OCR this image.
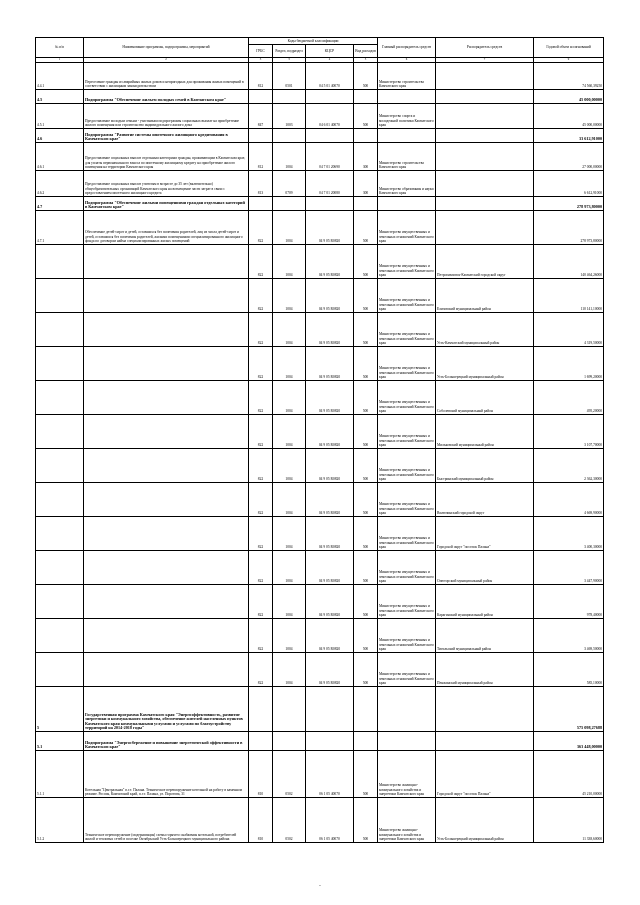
№ п/п	Наименование программы, подпрограммы, мероприятий	Коды бюджетной классификации				Главный распорядитель средств	Распорядитель средств	Годовой объем ассигнований
		ГРБС	Раздел, подраздел	КЦСР	Вид расходов			
1	2	3	3	4	5	6	7	9
4.4.1	Переселение граждан из аварийных жилых домов и непригодных для проживания жилых помещений в соответствии с жилищным законодательством	812	0501	04 5 01 40070	500	Министерство строительства Камчатского края		74 560,39250
4.5	Подпрограмма "Обеспечение жильем молодых семей в Камчатском крае"							45 000,00000
4.5.1	Предоставление молодым семьям - участникам подпрограммы социальных выплат на приобретение жилого помещения или строительство индивидуального жилого дома	847	1003	04 6 01 40070	500	Министерство спорта и молодежной политики Камчатского края		45 000,00000
4.6	Подпрограмма "Развитие системы ипотечного жилищного кредитования в Камчатском крае"							33 612,91000
4.6.1	Предоставление социальных выплат отдельным категориям граждан, проживающим в Камчатском крае, для уплаты первоначального взноса по ипотечному жилищному кредиту на приобретение жилого помещения на территории Камчатского края	812	1004	04 7 01 20690	300	Министерство строительства Камчатского края		27 000,00000
4.6.2	Предоставление социальных выплат учителям в возрасте до 35 лет (включительно) общеобразовательных организаций Камчатского края на возмещение части затрат в связи с предоставлением ипотечного жилищного кредита	813	0709	04 7 01 20080	300	Министерство образования и науки Камчатского края		6 612,91000
4.7	Подпрограмма "Обеспечение жилыми помещениями граждан отдельных категорий в Камчатском крае"							278 973,80000
4.7.1	Обеспечение детей-сирот и детей, оставшихся без попечения родителей, лиц из числа детей-сирот и детей, оставшихся без попечения родителей, жилыми помещениями специализированного жилищного фонда по договорам найма специализированных жилых помещений	822	1004	04 9 05 R0820	500	Министерство имущественных и земельных отношений Камчатского края		278 973,80000
		822	1004	04 9 05 R0820	500	Министерство имущественных и земельных отношений Камчатского края	Петропавловск-Камчатский городской округ	140 464,26000
		822	1004	04 9 05 R0820	500	Министерство имущественных и земельных отношений Камчатского края	Елизовский муниципальный район	110 141,10000
		822	1004	04 9 05 R0820	500	Министерство имущественных и земельных отношений Камчатского края	Усть-Камчатский муниципальный район	4 319,50000
		822	1004	04 9 05 R0820	500	Министерство имущественных и земельных отношений Камчатского края	Усть-Большерецкий муниципальный район	1 699,20000
		822	1004	04 9 05 R0820	500	Министерство имущественных и земельных отношений Камчатского края	Соболевский муниципальный район	495,20000
		822	1004	04 9 05 R0820	500	Министерство имущественных и земельных отношений Камчатского края	Мильковский муниципальный район	3 107,70000
		822	1004	04 9 05 R0820	500	Министерство имущественных и земельных отношений Камчатского края	Быстринский муниципальный район	2 362,30000
		822	1004	04 9 05 R0820	500	Министерство имущественных и земельных отношений Камчатского края	Вилючинский городской округ	4 669,90000
		822	1004	04 9 05 R0820	500	Министерство имущественных и земельных отношений Камчатского края	Городской округ "поселок Палана"	3 400,30000
		822	1004	04 9 05 R0820	500	Министерство имущественных и земельных отношений Камчатского края	Олюторский муниципальный район	3 447,90000
		822	1004	04 9 05 R0820	500	Министерство имущественных и земельных отношений Камчатского края	Карагинский муниципальный район	978,40000
		822	1004	04 9 05 R0820	500	Министерство имущественных и земельных отношений Камчатского края	Тигильский муниципальный район	3 469,50000
		822	1004	04 9 05 R0820	500	Министерство имущественных и земельных отношений Камчатского края	Пенжинский муниципальный район	585,10000
5	Государственная программа Камчатского края "Энергоэффективность, развитие энергетики и коммунального хозяйства, обеспечение жителей населенных пунктов Камчатского края коммунальными услугами и услугами по благоустройству территорий на 2014-2018 годы"							575 098,27688
5.1	Подпрограмма "Энергосбережение и повышение энергетической эффективности в Камчатском крае"							363 448,00000
5.1.1	Котельная "Центральная" п.г.т. Палана. Техническое перевооружение котельной на работу в каменном режиме. Россия, Камчатский край, п.г.т. Палана, ул. Поротова, 31	810	0502	06 1 05 40070	500	Министерство жилищно-коммунального хозяйства и энергетики Камчатского края	Городской округ "поселок Палана"	45 210,00000
5.1.2	Техническое перевооружение (модернизация) схемы горячего снабжения котельной, потребителей жилой и тепловых сетей в поселке Октябрьский Усть-Большерецкого муниципального района	810	0502	06 1 05 40070	500	Министерство жилищно-коммунального хозяйства и энергетики Камчатского края	Усть-Большерецкий муниципальный район	11 338,60000
-
